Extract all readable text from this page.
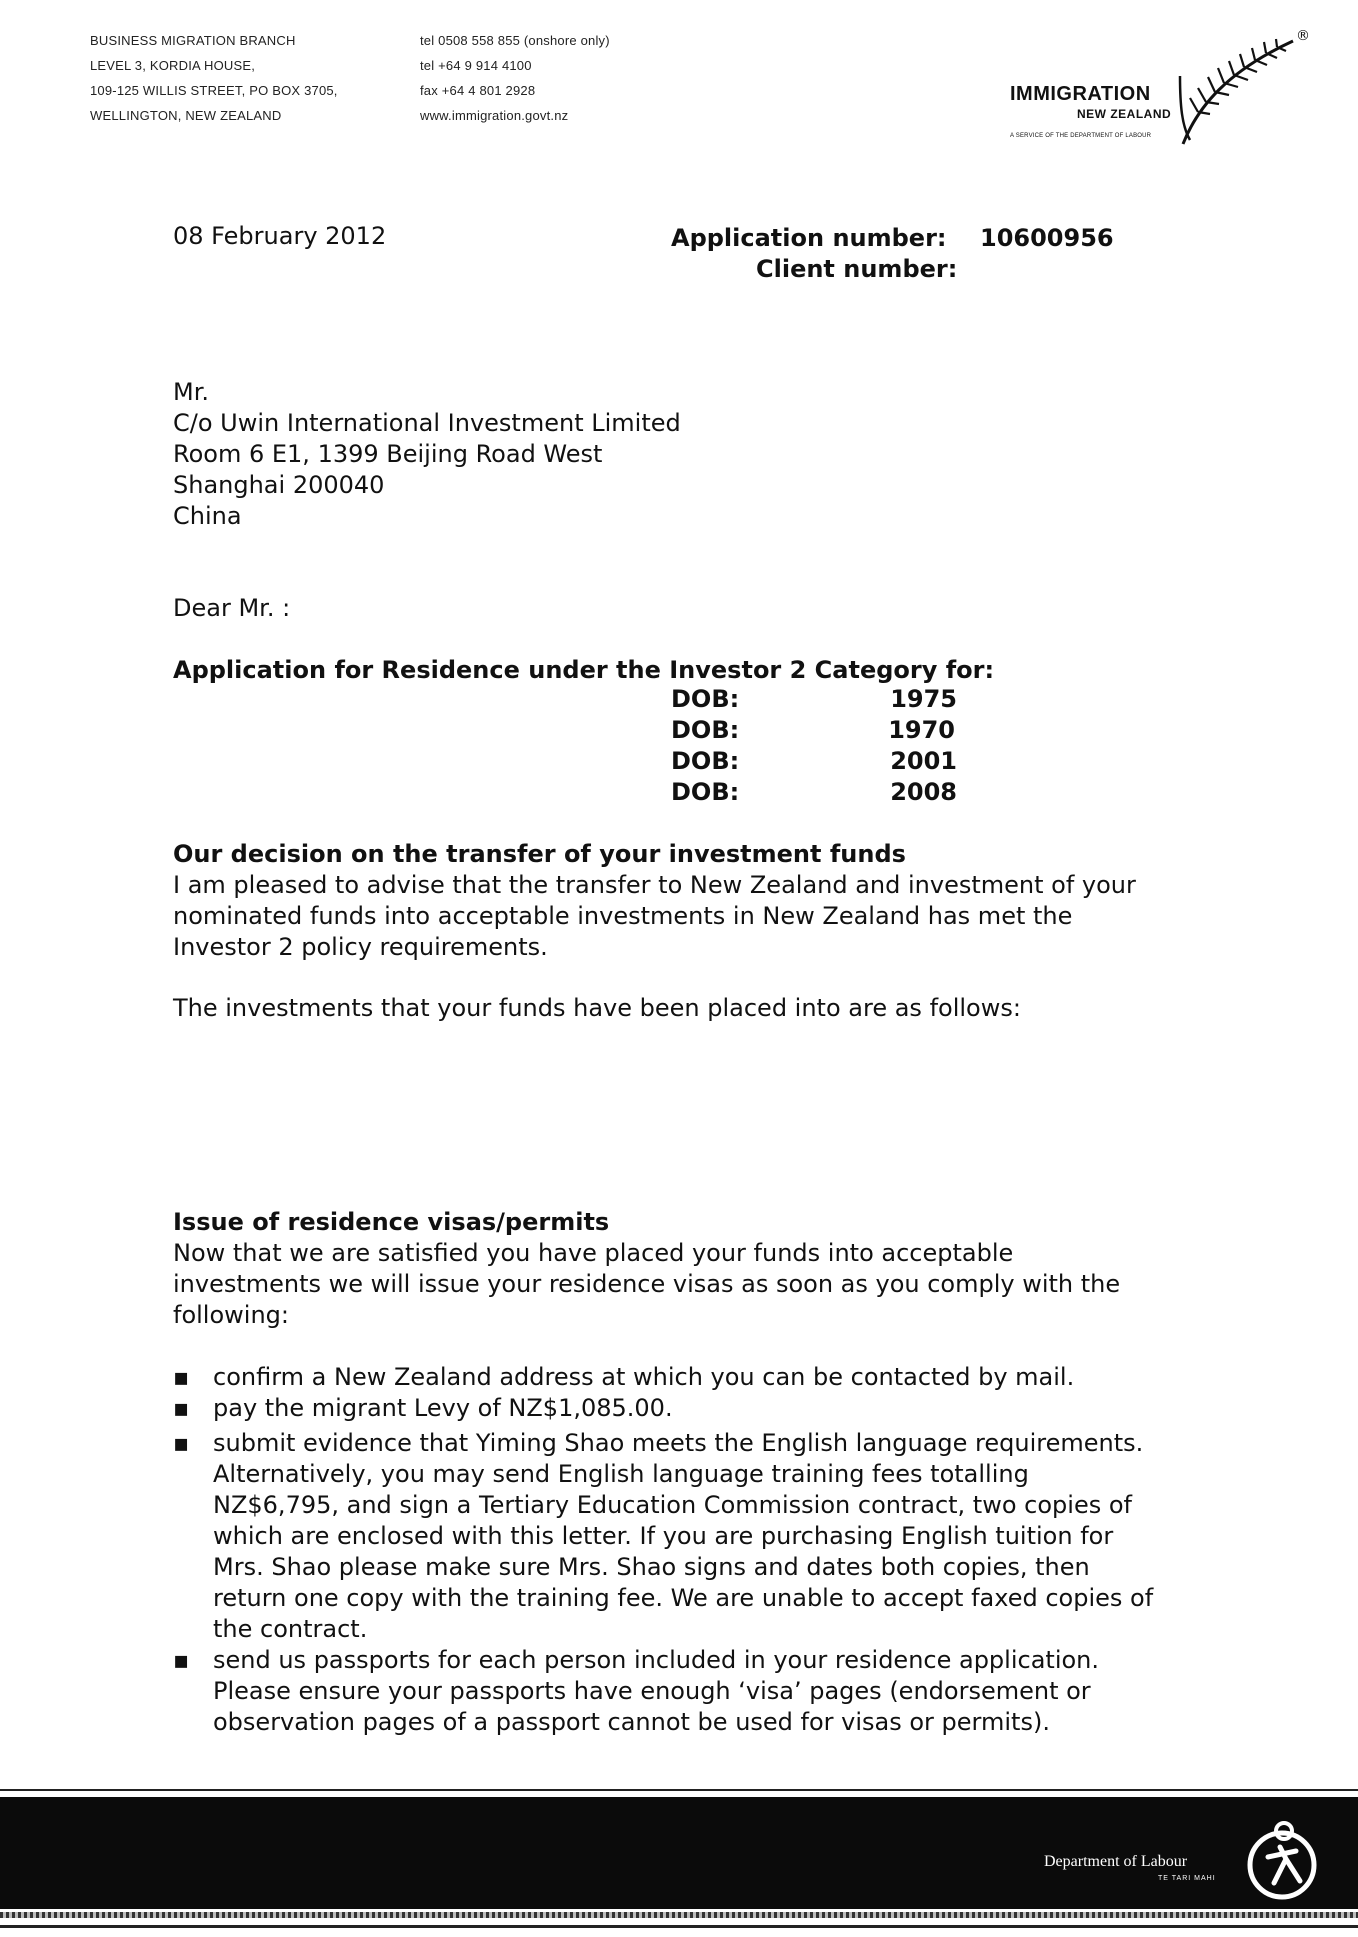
BUSINESS MIGRATION BRANCH
LEVEL 3, KORDIA HOUSE,
109-125 WILLIS STREET, PO BOX 3705,
WELLINGTON, NEW ZEALAND
tel 0508 558 855 (onshore only)
tel +64 9 914 4100
fax +64 4 801 2928
www.immigration.govt.nz
IMMIGRATION
NEW ZEALAND
A SERVICE OF THE DEPARTMENT OF LABOUR
®
08 February 2012	Application number: 10600956
Client number:
Mr.
C/o Uwin International Investment Limited
Room 6 E1, 1399 Beijing Road West
Shanghai 200040
China
Dear Mr. :
Application for Residence under the Investor 2 Category for:
DOB:	1975
DOB:	1970
DOB:	2001
DOB:	2008
Our decision on the transfer of your investment funds
I am pleased to advise that the transfer to New Zealand and investment of your
nominated funds into acceptable investments in New Zealand has met the
Investor 2 policy requirements.
The investments that your funds have been placed into are as follows:
Issue of residence visas/permits
Now that we are satisfied you have placed your funds into acceptable
investments we will issue your residence visas as soon as you comply with the
following:
▪ confirm a New Zealand address at which you can be contacted by mail.
▪ pay the migrant Levy of NZ$1,085.00.
▪ submit evidence that Yiming Shao meets the English language requirements.
Alternatively, you may send English language training fees totalling
NZ$6,795, and sign a Tertiary Education Commission contract, two copies of
which are enclosed with this letter. If you are purchasing English tuition for
Mrs. Shao please make sure Mrs. Shao signs and dates both copies, then
return one copy with the training fee. We are unable to accept faxed copies of
the contract.
▪ send us passports for each person included in your residence application.
Please ensure your passports have enough ‘visa’ pages (endorsement or
observation pages of a passport cannot be used for visas or permits).
Department of Labour
TE TARI MAHI
